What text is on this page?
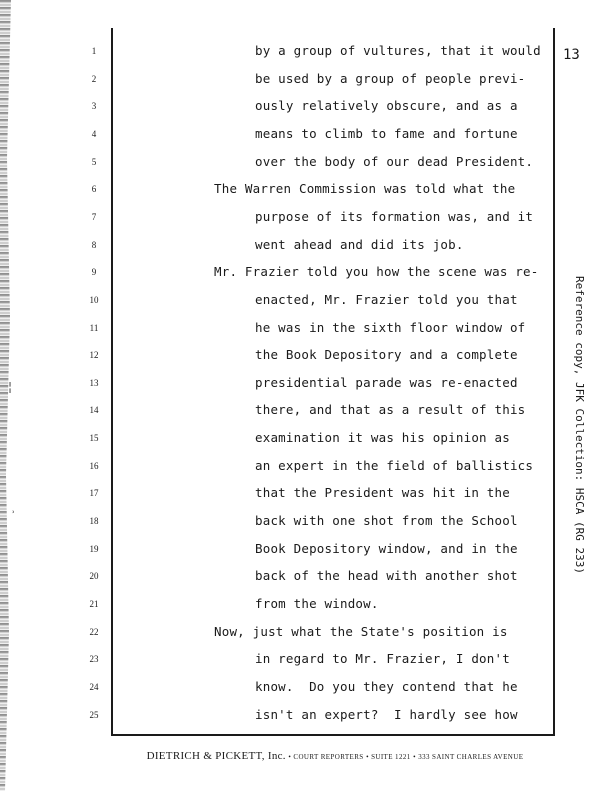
¦
ʾ
13
1
2
3
4
5
6
7
8
9
10
11
12
13
14
15
16
17
18
19
20
21
22
23
24
25
by a group of vultures, that it would
be used by a group of people previ-
ously relatively obscure, and as a
means to climb to fame and fortune
over the body of our dead President.
The Warren Commission was told what the
purpose of its formation was, and it
went ahead and did its job.
Mr. Frazier told you how the scene was re-
enacted, Mr. Frazier told you that
he was in the sixth floor window of
the Book Depository and a complete
presidential parade was re-enacted
there, and that as a result of this
examination it was his opinion as
an expert in the field of ballistics
that the President was hit in the
back with one shot from the School
Book Depository window, and in the
back of the head with another shot
from the window.
Now, just what the State's position is
in regard to Mr. Frazier, I don't
know.  Do you they contend that he
isn't an expert?  I hardly see how
Reference copy, JFK Collection: HSCA (RG 233)
DIETRICH & PICKETT, Inc. • COURT REPORTERS • SUITE 1221 • 333 SAINT CHARLES AVENUE
